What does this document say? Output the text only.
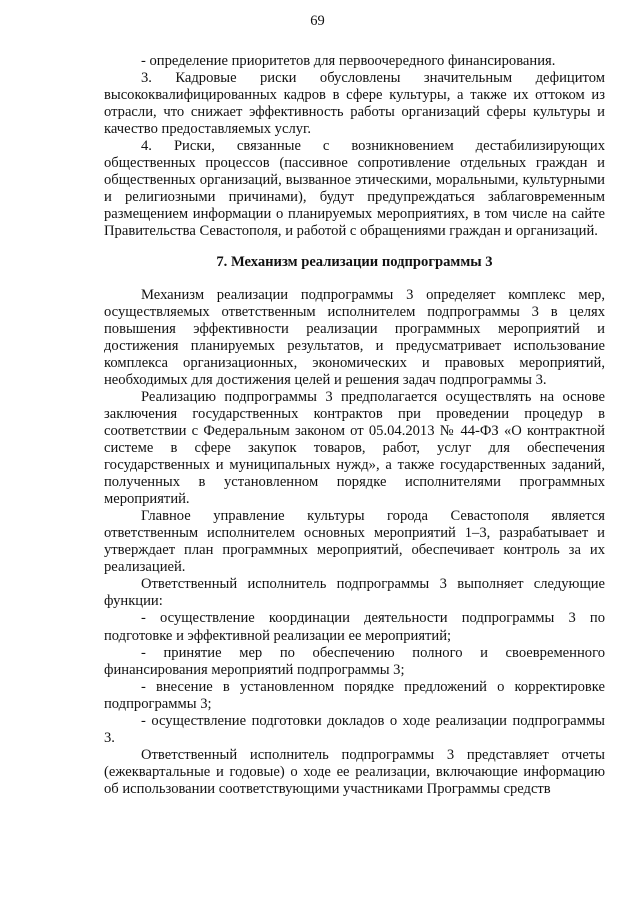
69

- определение приоритетов для первоочередного финансирования.

3. Кадровые риски обусловлены значительным дефицитом высококвалифицированных кадров в сфере культуры, а также их оттоком из отрасли, что снижает эффективность работы организаций сферы культуры и качество предоставляемых услуг.

4. Риски, связанные с возникновением дестабилизирующих общественных процессов (пассивное сопротивление отдельных граждан и общественных организаций, вызванное этическими, моральными, культурными и религиозными причинами), будут предупреждаться заблаговременным размещением информации о планируемых мероприятиях, в том числе на сайте Правительства Севастополя, и работой с обращениями граждан и организаций.

7. Механизм реализации подпрограммы 3

Механизм реализации подпрограммы 3 определяет комплекс мер, осуществляемых ответственным исполнителем подпрограммы 3 в целях повышения эффективности реализации программных мероприятий и достижения планируемых результатов, и предусматривает использование комплекса организационных, экономических и правовых мероприятий, необходимых для достижения целей и решения задач подпрограммы 3.

Реализацию подпрограммы 3 предполагается осуществлять на основе заключения государственных контрактов при проведении процедур в соответствии с Федеральным законом от 05.04.2013 № 44-ФЗ «О контрактной системе в сфере закупок товаров, работ, услуг для обеспечения государственных и муниципальных нужд», а также государственных заданий, полученных в установленном порядке исполнителями программных мероприятий.

Главное управление культуры города Севастополя является ответственным исполнителем основных мероприятий 1–3, разрабатывает и утверждает план программных мероприятий, обеспечивает контроль за их реализацией.

Ответственный исполнитель подпрограммы 3 выполняет следующие функции:

- осуществление координации деятельности подпрограммы 3 по подготовке и эффективной реализации ее мероприятий;

- принятие мер по обеспечению полного и своевременного финансирования мероприятий подпрограммы 3;

- внесение в установленном порядке предложений о корректировке подпрограммы 3;

- осуществление подготовки докладов о ходе реализации подпрограммы 3.

Ответственный исполнитель подпрограммы 3 представляет отчеты (ежеквартальные и годовые) о ходе ее реализации, включающие информацию об использовании соответствующими участниками Программы средств
